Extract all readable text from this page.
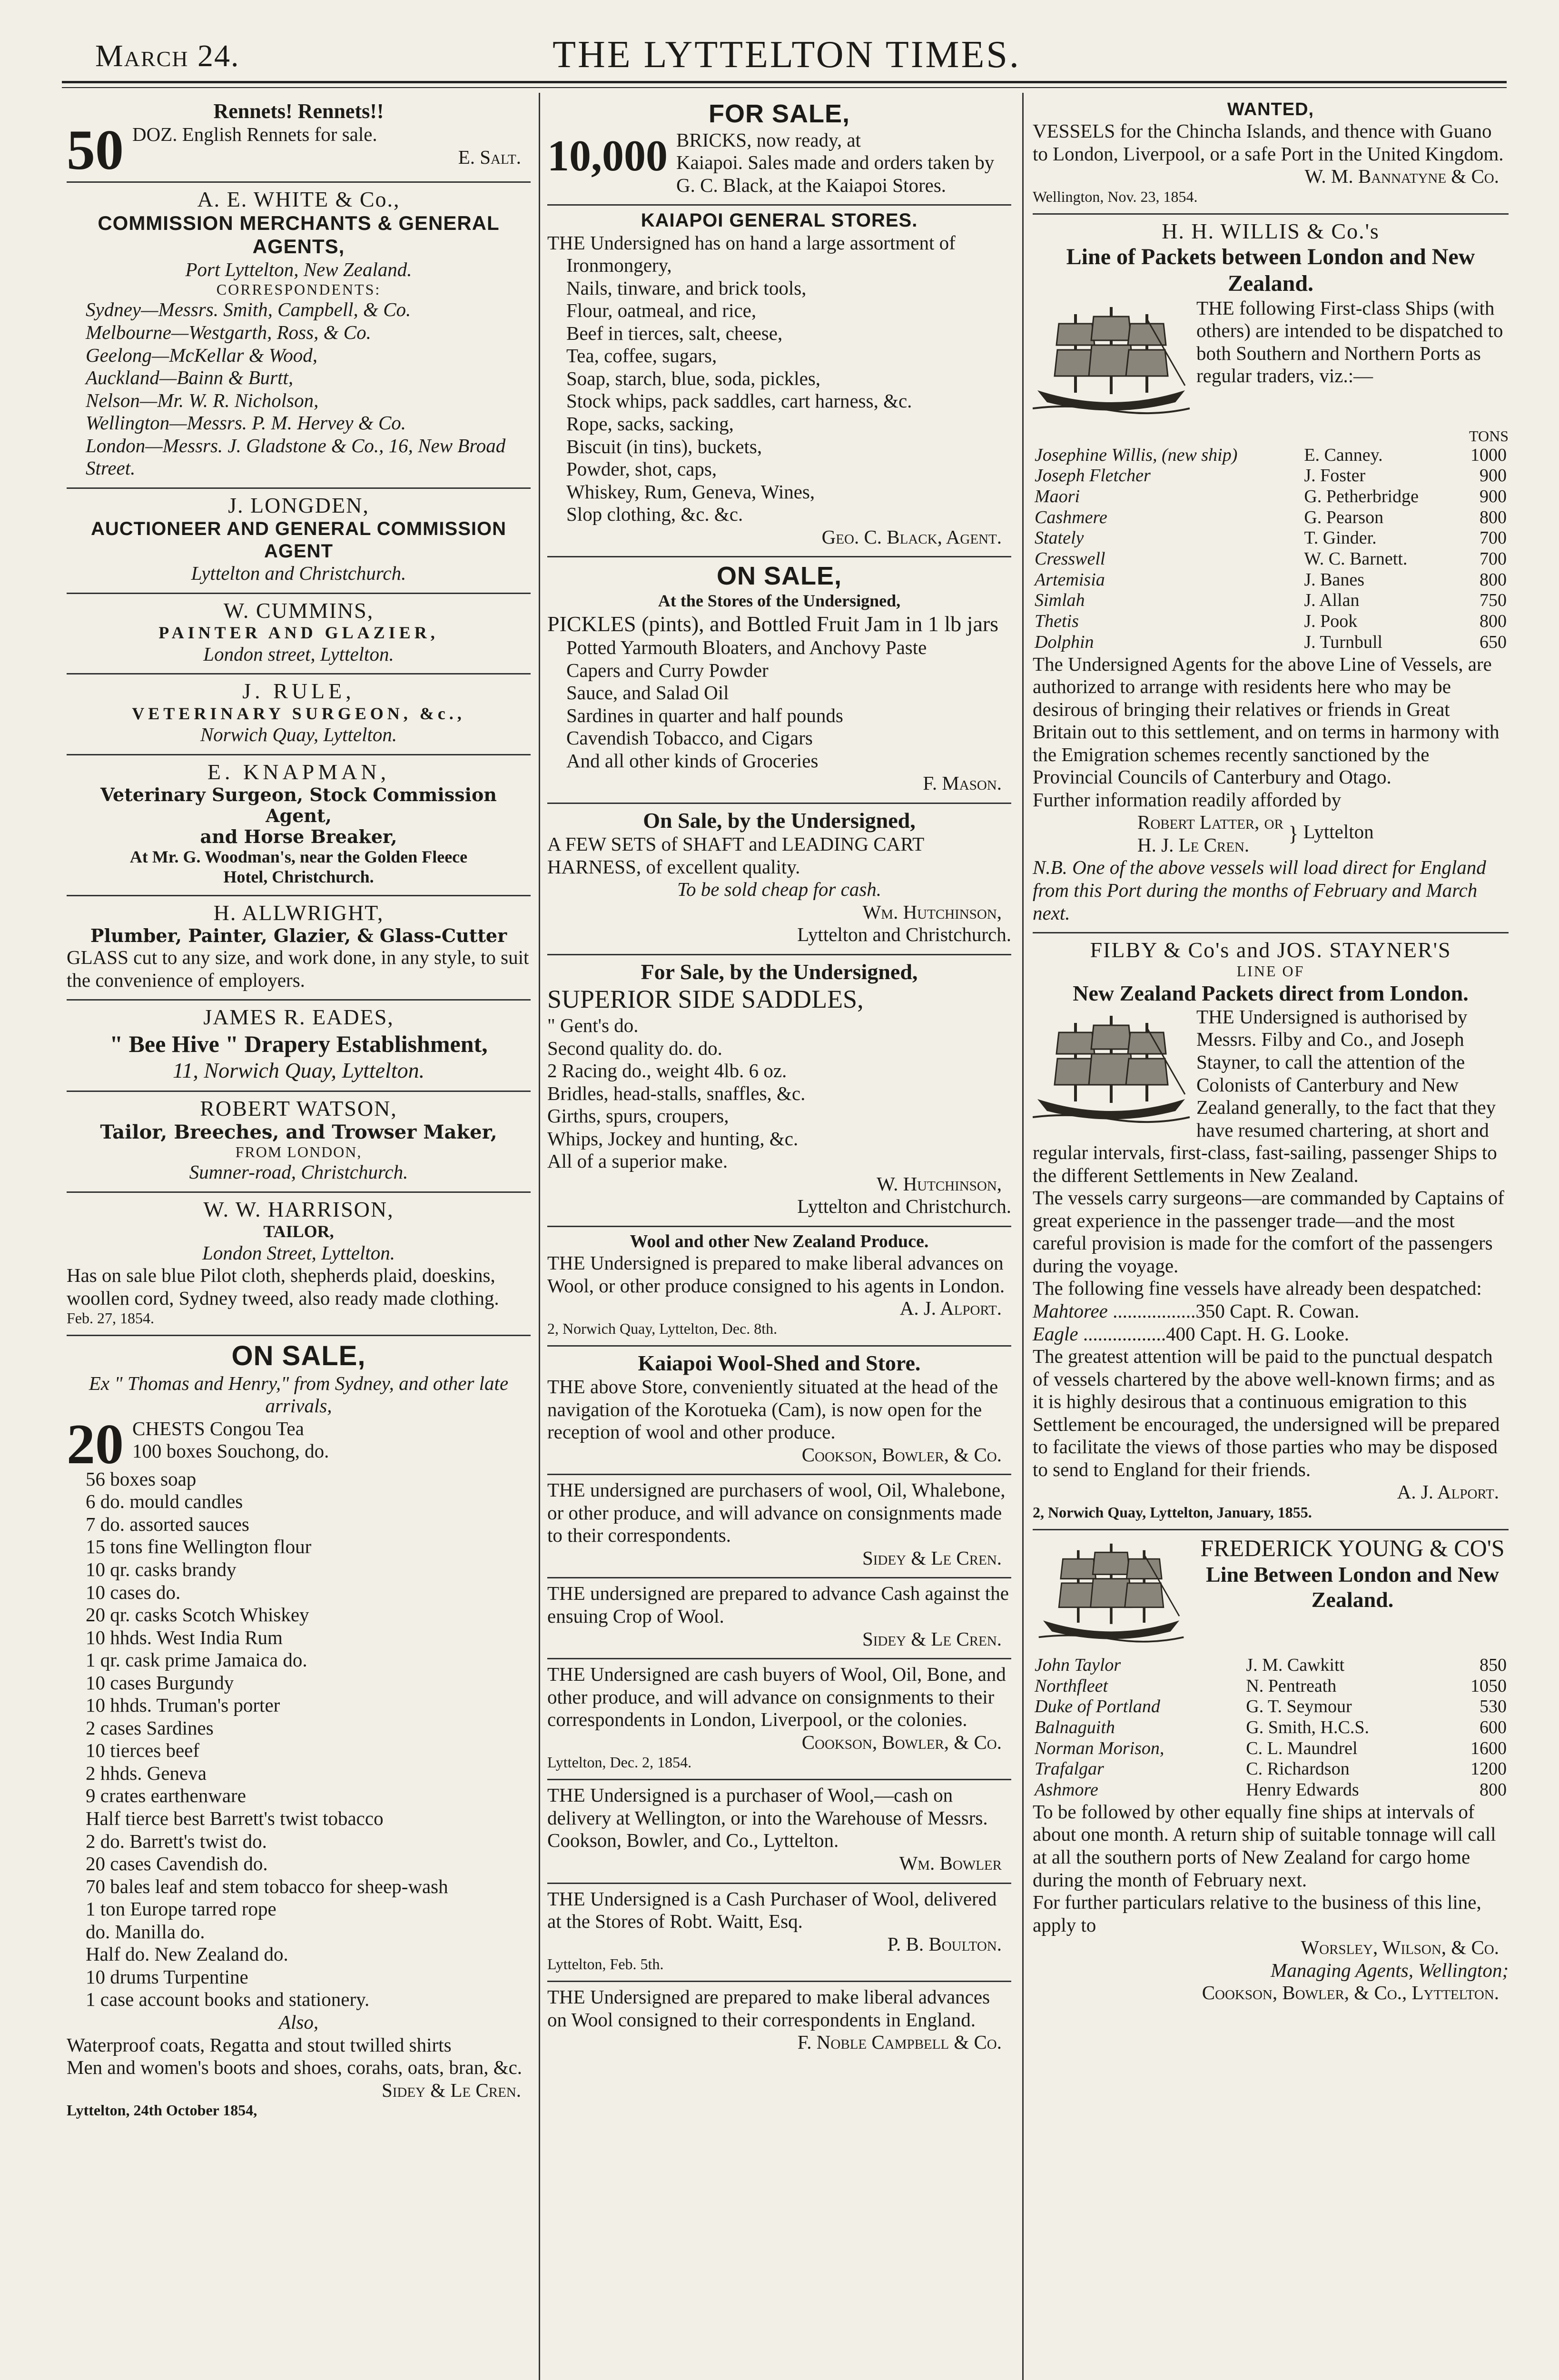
March 24.	THE LYTTELTON TIMES.
Rennets! Rennets!!
50 DOZ. English Rennets for sale.
E. Salt.
A. E. WHITE & Co.,
COMMISSION MERCHANTS & GENERAL AGENTS,
Port Lyttelton, New Zealand.
CORRESPONDENTS:
Sydney—Messrs. Smith, Campbell, & Co.
Melbourne—Westgarth, Ross, & Co.
Geelong—McKellar & Wood,
Auckland—Bainn & Burtt,
Nelson—Mr. W. R. Nicholson,
Wellington—Messrs. P. M. Hervey & Co.
London—Messrs. J. Gladstone & Co., 16, New Broad Street.
J. LONGDEN,
AUCTIONEER AND GENERAL COMMISSION AGENT
Lyttelton and Christchurch.
W. CUMMINS,
PAINTER AND GLAZIER,
London street, Lyttelton.
J. RULE,
VETERINARY SURGEON, &c.,
Norwich Quay, Lyttelton.
E. KNAPMAN,
Veterinary Surgeon, Stock Commission Agent,
and Horse Breaker,
At Mr. G. Woodman's, near the Golden Fleece
Hotel, Christchurch.
H. ALLWRIGHT,
Plumber, Painter, Glazier, & Glass-Cutter
GLASS cut to any size, and work done, in any style, to suit the convenience of employers.
JAMES R. EADES,
" Bee Hive " Drapery Establishment,
11, Norwich Quay, Lyttelton.
ROBERT WATSON,
Tailor, Breeches, and Trowser Maker,
FROM LONDON,
Sumner-road, Christchurch.
W. W. HARRISON,
TAILOR,
London Street, Lyttelton.
Has on sale blue Pilot cloth, shepherds plaid, doeskins, woollen cord, Sydney tweed, also ready made clothing.
Feb. 27, 1854.
ON SALE,
Ex " Thomas and Henry," from Sydney, and other late arrivals,
20 CHESTS Congou Tea
100 boxes Souchong, do.
56 boxes soap
6 do. mould candles
7 do. assorted sauces
15 tons fine Wellington flour
10 qr. casks brandy
10 cases do.
20 qr. casks Scotch Whiskey
10 hhds. West India Rum
1 qr. cask prime Jamaica do.
10 cases Burgundy
10 hhds. Truman's porter
2 cases Sardines
10 tierces beef
2 hhds. Geneva
9 crates earthenware
Half tierce best Barrett's twist tobacco
2 do. Barrett's twist do.
20 cases Cavendish do.
70 bales leaf and stem tobacco for sheep-wash
1 ton Europe tarred rope
do. Manilla do.
Half do. New Zealand do.
10 drums Turpentine
1 case account books and stationery.
Also,
Waterproof coats, Regatta and stout twilled shirts
Men and women's boots and shoes, corahs, oats, bran, &c.
Sidey & Le Cren.
Lyttelton, 24th October 1854,
FOR SALE,
10,000 BRICKS, now ready, at
Kaiapoi. Sales made and orders taken by G. C. Black, at the Kaiapoi Stores.
KAIAPOI GENERAL STORES.
THE Undersigned has on hand a large assortment of
Ironmongery,
Nails, tinware, and brick tools,
Flour, oatmeal, and rice,
Beef in tierces, salt, cheese,
Tea, coffee, sugars,
Soap, starch, blue, soda, pickles,
Stock whips, pack saddles, cart harness, &c.
Rope, sacks, sacking,
Biscuit (in tins), buckets,
Powder, shot, caps,
Whiskey, Rum, Geneva, Wines,
Slop clothing, &c. &c.
Geo. C. Black, Agent.
ON SALE,
At the Stores of the Undersigned,
PICKLES (pints), and Bottled Fruit Jam in 1 lb jars
Potted Yarmouth Bloaters, and Anchovy Paste
Capers and Curry Powder
Sauce, and Salad Oil
Sardines in quarter and half pounds
Cavendish Tobacco, and Cigars
And all other kinds of Groceries
F. Mason.
On Sale, by the Undersigned,
A FEW SETS of SHAFT and LEADING CART HARNESS, of excellent quality.
To be sold cheap for cash.
Wm. Hutchinson,
Lyttelton and Christchurch.
For Sale, by the Undersigned,
SUPERIOR SIDE SADDLES,
" Gent's do.
Second quality do. do.
2 Racing do., weight 4lb. 6 oz.
Bridles, head-stalls, snaffles, &c.
Girths, spurs, croupers,
Whips, Jockey and hunting, &c.
All of a superior make.
W. Hutchinson,
Lyttelton and Christchurch.
Wool and other New Zealand Produce.
THE Undersigned is prepared to make liberal advances on Wool, or other produce consigned to his agents in London.
A. J. Alport.
2, Norwich Quay, Lyttelton, Dec. 8th.
Kaiapoi Wool-Shed and Store.
THE above Store, conveniently situated at the head of the navigation of the Korotueka (Cam), is now open for the reception of wool and other produce.
Cookson, Bowler, & Co.
THE undersigned are purchasers of wool, Oil, Whalebone, or other produce, and will advance on consignments made to their correspondents.
Sidey & Le Cren.
THE undersigned are prepared to advance Cash against the ensuing Crop of Wool.
Sidey & Le Cren.
THE Undersigned are cash buyers of Wool, Oil, Bone, and other produce, and will advance on consignments to their correspondents in London, Liverpool, or the colonies.
Cookson, Bowler, & Co.
Lyttelton, Dec. 2, 1854.
THE Undersigned is a purchaser of Wool,—cash on delivery at Wellington, or into the Warehouse of Messrs. Cookson, Bowler, and Co., Lyttelton.
Wm. Bowler
THE Undersigned is a Cash Purchaser of Wool, delivered at the Stores of Robt. Waitt, Esq.
P. B. Boulton.
Lyttelton, Feb. 5th.
THE Undersigned are prepared to make liberal advances on Wool consigned to their correspondents in England.
F. Noble Campbell & Co.
WANTED,
VESSELS for the Chincha Islands, and thence with Guano to London, Liverpool, or a safe Port in the United Kingdom.
W. M. Bannatyne & Co.
Wellington, Nov. 23, 1854.
H. H. WILLIS & Co.'s
Line of Packets between London and New Zealand.
THE following First-class Ships (with others) are intended to be dispatched to both Southern and Northern Ports as regular traders, viz.:—
TONS
Josephine Willis, (new ship)	E. Canney.	1000
Joseph Fletcher	J. Foster	900
Maori	G. Petherbridge	900
Cashmere	G. Pearson	800
Stately	T. Ginder.	700
Cresswell	W. C. Barnett.	700
Artemisia	J. Banes	800
Simlah	J. Allan	750
Thetis	J. Pook	800
Dolphin	J. Turnbull	650
The Undersigned Agents for the above Line of Vessels, are authorized to arrange with residents here who may be desirous of bringing their relatives or friends in Great Britain out to this settlement, and on terms in harmony with the Emigration schemes recently sanctioned by the Provincial Councils of Canterbury and Otago.
Further information readily afforded by
Robert Latter, or
H. J. Le Cren.	} Lyttelton
N.B. One of the above vessels will load direct for England from this Port during the months of February and March next.
FILBY & Co's and JOS. STAYNER'S
LINE OF
New Zealand Packets direct from London.
THE Undersigned is authorised by Messrs. Filby and Co., and Joseph Stayner, to call the attention of the Colonists of Canterbury and New Zealand generally, to the fact that they have resumed chartering, at short and regular intervals, first-class, fast-sailing, passenger Ships to the different Settlements in New Zealand.
The vessels carry surgeons—are commanded by Captains of great experience in the passenger trade—and the most careful provision is made for the comfort of the passengers during the voyage.
The following fine vessels have already been despatched:
Mahtoree .................350 Capt. R. Cowan.
Eagle .................400 Capt. H. G. Looke.
The greatest attention will be paid to the punctual despatch of vessels chartered by the above well-known firms; and as it is highly desirous that a continuous emigration to this Settlement be encouraged, the undersigned will be prepared to facilitate the views of those parties who may be disposed to send to England for their friends.
A. J. Alport.
2, Norwich Quay, Lyttelton, January, 1855.
FREDERICK YOUNG & CO'S
Line Between London and New Zealand.
John Taylor	J. M. Cawkitt	850
Northfleet	N. Pentreath	1050
Duke of Portland	G. T. Seymour	530
Balnaguith	G. Smith, H.C.S.	600
Norman Morison,	C. L. Maundrel	1600
Trafalgar	C. Richardson	1200
Ashmore	Henry Edwards	800
To be followed by other equally fine ships at intervals of about one month. A return ship of suitable tonnage will call at all the southern ports of New Zealand for cargo home during the month of February next.
For further particulars relative to the business of this line, apply to
Worsley, Wilson, & Co.
Managing Agents, Wellington;
Cookson, Bowler, & Co., Lyttelton.
